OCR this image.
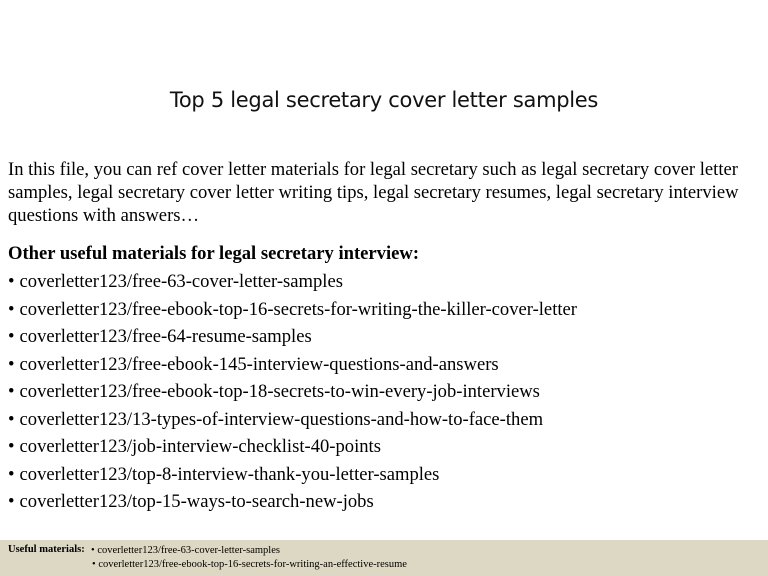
Top 5 legal secretary cover letter samples

In this file, you can ref cover letter materials for legal secretary such as legal secretary cover letter samples, legal secretary cover letter writing tips, legal secretary resumes, legal secretary interview questions with answers…

Other useful materials for legal secretary interview:

• coverletter123/free-63-cover-letter-samples
• coverletter123/free-ebook-top-16-secrets-for-writing-the-killer-cover-letter
• coverletter123/free-64-resume-samples
• coverletter123/free-ebook-145-interview-questions-and-answers
• coverletter123/free-ebook-top-18-secrets-to-win-every-job-interviews
• coverletter123/13-types-of-interview-questions-and-how-to-face-them
• coverletter123/job-interview-checklist-40-points
• coverletter123/top-8-interview-thank-you-letter-samples
• coverletter123/top-15-ways-to-search-new-jobs
Useful materials: • coverletter123/free-63-cover-letter-samples
• coverletter123/free-ebook-top-16-secrets-for-writing-an-effective-resume
